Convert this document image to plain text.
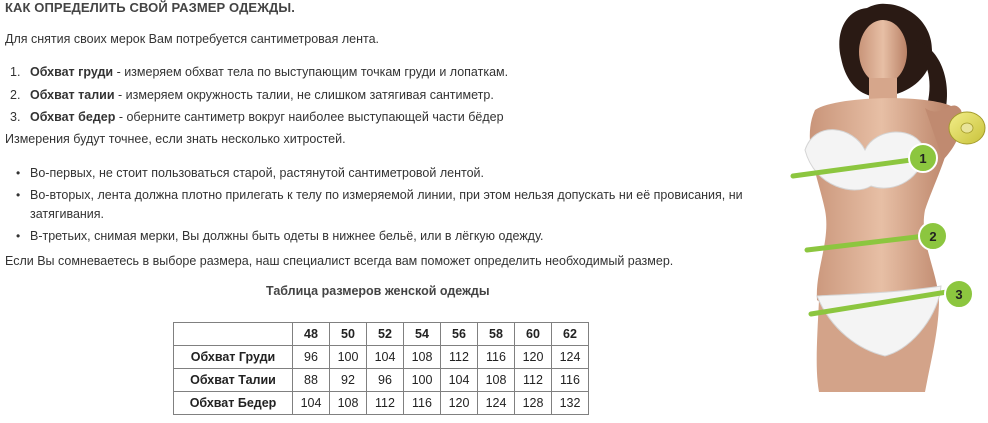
КАК ОПРЕДЕЛИТЬ СВОЙ РАЗМЕР ОДЕЖДЫ.
Для снятия своих мерок Вам потребуется сантиметровая лента.
1. Обхват груди - измеряем обхват тела по выступающим точкам груди и лопаткам.
2. Обхват талии - измеряем окружность талии, не слишком затягивая сантиметр.
3. Обхват бедер - оберните сантиметр вокруг наиболее выступающей части бёдер
Измерения будут точнее, если знать несколько хитростей.
• Во-первых, не стоит пользоваться старой, растянутой сантиметровой лентой.
• Во-вторых, лента должна плотно прилегать к телу по измеряемой линии, при этом нельзя допускать ни её провисания, ни затягивания.
• В-третьих, снимая мерки, Вы должны быть одеты в нижнее бельё, или в лёгкую одежду.
Если Вы сомневаетесь в выборе размера, наш специалист всегда вам поможет определить необходимый размер.
Таблица размеров женской одежды
	48	50	52	54	56	58	60	62
Обхват Груди	96	100	104	108	112	116	120	124
Обхват Талии	88	92	96	100	104	108	112	116
Обхват Бедер	104	108	112	116	120	124	128	132
1
2
3
